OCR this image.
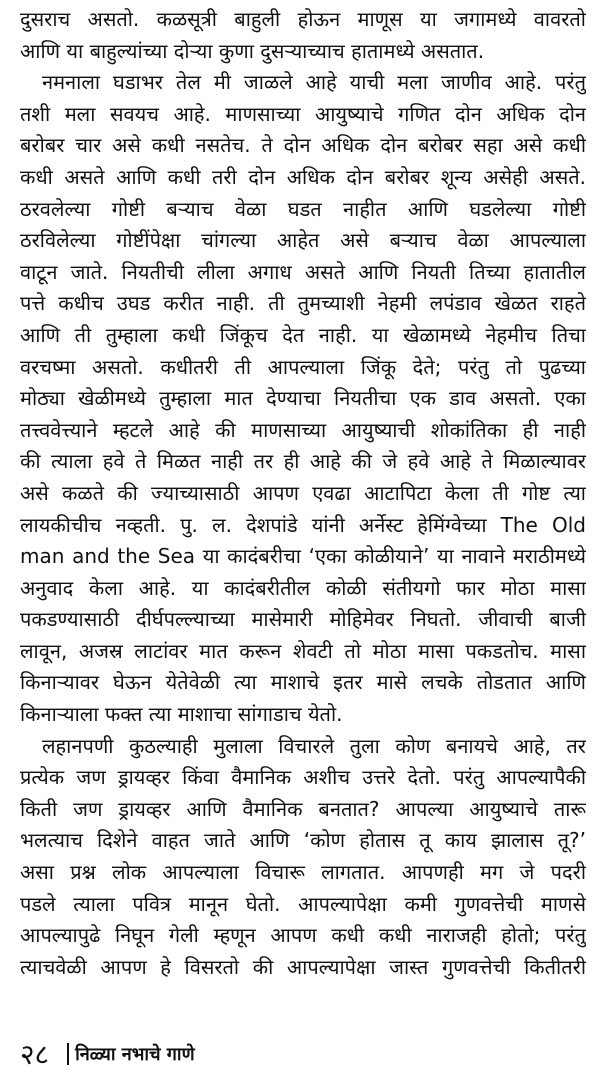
दुसराच असतो. कळसूत्री बाहुली होऊन माणूस या जगामध्ये वावरतो
आणि या बाहुल्यांच्या दोऱ्या कुणा दुसऱ्याच्याच हातामध्ये असतात.
नमनाला घडाभर तेल मी जाळले आहे याची मला जाणीव आहे. परंतु
तशी मला सवयच आहे. माणसाच्या आयुष्याचे गणित दोन अधिक दोन
बरोबर चार असे कधी नसतेच. ते दोन अधिक दोन बरोबर सहा असे कधी
कधी असते आणि कधी तरी दोन अधिक दोन बरोबर शून्य असेही असते.
ठरवलेल्या गोष्टी बऱ्याच वेळा घडत नाहीत आणि घडलेल्या गोष्टी
ठरविलेल्या गोष्टींपेक्षा चांगल्या आहेत असे बऱ्याच वेळा आपल्याला
वाटून जाते. नियतीची लीला अगाध असते आणि नियती तिच्या हातातील
पत्ते कधीच उघड करीत नाही. ती तुमच्याशी नेहमी लपंडाव खेळत राहते
आणि ती तुम्हाला कधी जिंकूच देत नाही. या खेळामध्ये नेहमीच तिचा
वरचष्मा असतो. कधीतरी ती आपल्याला जिंकू देते; परंतु तो पुढच्या
मोठ्या खेळीमध्ये तुम्हाला मात देण्याचा नियतीचा एक डाव असतो. एका
तत्त्ववेत्त्याने म्हटले आहे की माणसाच्या आयुष्याची शोकांतिका ही नाही
की त्याला हवे ते मिळत नाही तर ही आहे की जे हवे आहे ते मिळाल्यावर
असे कळते की ज्याच्यासाठी आपण एवढा आटापिटा केला ती गोष्ट त्या
लायकीचीच नव्हती. पु. ल. देशपांडे यांनी अर्नेस्ट हेमिंग्वेच्या The Old
man and the Sea या कादंबरीचा ‘एका कोळीयाने’ या नावाने मराठीमध्ये
अनुवाद केला आहे. या कादंबरीतील कोळी संतीयगो फार मोठा मासा
पकडण्यासाठी दीर्घपल्ल्याच्या मासेमारी मोहिमेवर निघतो. जीवाची बाजी
लावून, अजस्र लाटांवर मात करून शेवटी तो मोठा मासा पकडतोच. मासा
किनाऱ्यावर घेऊन येतेवेळी त्या माशाचे इतर मासे लचके तोडतात आणि
किनाऱ्याला फक्त त्या माशाचा सांगाडाच येतो.
लहानपणी कुठल्याही मुलाला विचारले तुला कोण बनायचे आहे, तर
प्रत्येक जण ड्रायव्हर किंवा वैमानिक अशीच उत्तरे देतो. परंतु आपल्यापैकी
किती जण ड्रायव्हर आणि वैमानिक बनतात? आपल्या आयुष्याचे तारू
भलत्याच दिशेने वाहत जाते आणि ‘कोण होतास तू काय झालास तू?’
असा प्रश्न लोक आपल्याला विचारू लागतात. आपणही मग जे पदरी
पडले त्याला पवित्र मानून घेतो. आपल्यापेक्षा कमी गुणवत्तेची माणसे
आपल्यापुढे निघून गेली म्हणून आपण कधी कधी नाराजही होतो; परंतु
त्याचवेळी आपण हे विसरतो की आपल्यापेक्षा जास्त गुणवत्तेची कितीतरी
२८ निळ्या नभाचे गाणे
